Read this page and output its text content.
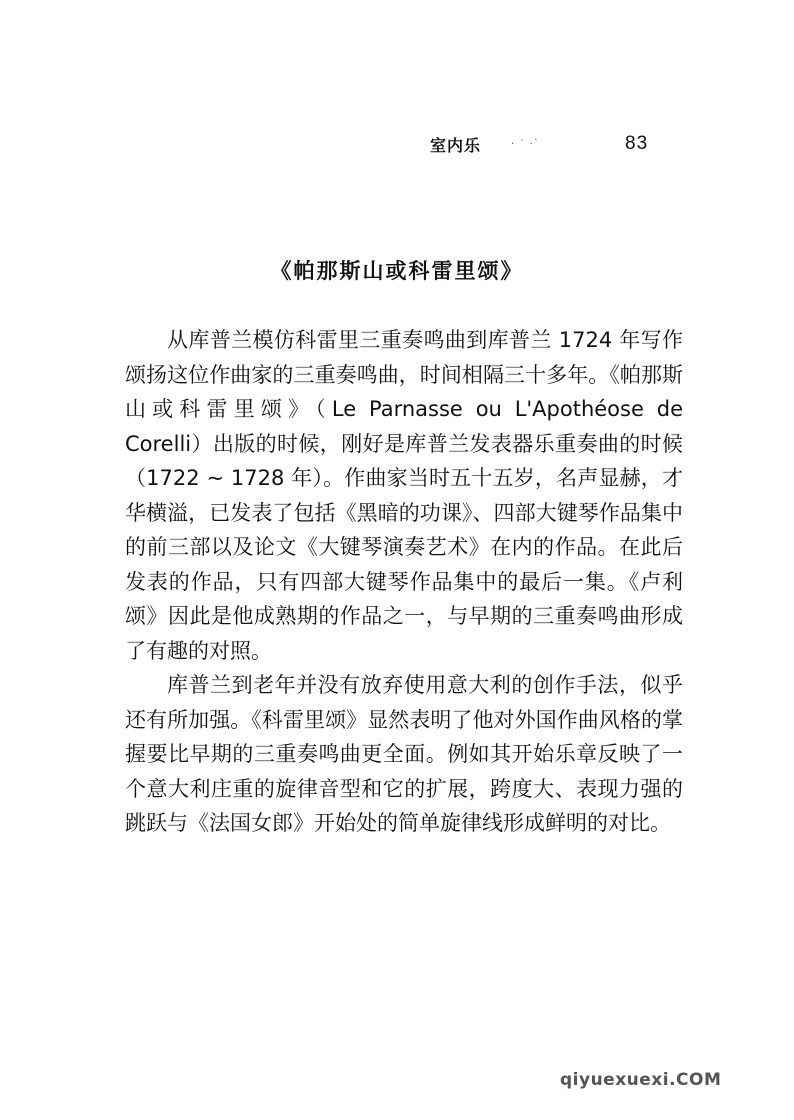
室内乐	· ˙ ·`	83
《帕那斯山或科雷里颂》

从库普兰模仿科雷里三重奏鸣曲到库普兰 1724 年写作颂扬这位作曲家的三重奏鸣曲，时间相隔三十多年。《帕那斯山或科雷里颂》（Le Parnasse ou L'Apothéose de Corelli）出版的时候，刚好是库普兰发表器乐重奏曲的时候（1722 ~ 1728 年）。作曲家当时五十五岁，名声显赫，才华横溢，已发表了包括《黑暗的功课》、四部大键琴作品集中的前三部以及论文《大键琴演奏艺术》在内的作品。在此后发表的作品，只有四部大键琴作品集中的最后一集。《卢利颂》因此是他成熟期的作品之一，与早期的三重奏鸣曲形成了有趣的对照。

库普兰到老年并没有放弃使用意大利的创作手法，似乎还有所加强。《科雷里颂》显然表明了他对外国作曲风格的掌握要比早期的三重奏鸣曲更全面。例如其开始乐章反映了一个意大利庄重的旋律音型和它的扩展，跨度大、表现力强的跳跃与《法国女郎》开始处的简单旋律线形成鲜明的对比。

qiyuexuexi.COM
